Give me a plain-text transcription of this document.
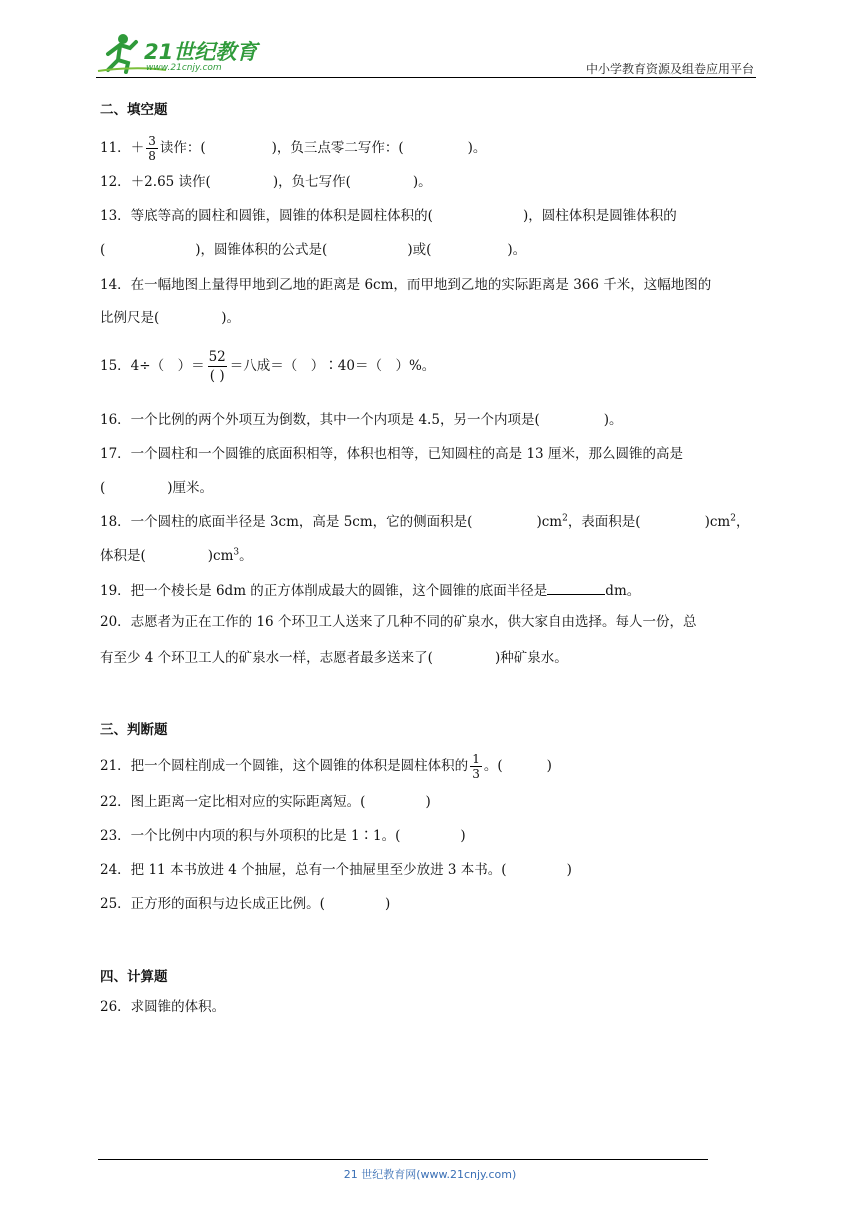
21世纪教育
www.21cnjy.com	中小学教育资源及组卷应用平台
二、填空题
11．＋ $\frac{3}{8}$ 读作：(	)，负三点零二写作：(	)。
12．＋2.65 读作(	)，负七写作(	)。
13．等底等高的圆柱和圆锥，圆锥的体积是圆柱体积的(	)，圆柱体积是圆锥体积的
(	)，圆锥体积的公式是(	)或(	)。
14．在一幅地图上量得甲地到乙地的距离是 6cm，而甲地到乙地的实际距离是 366 千米，这幅地图的
比例尺是(	)。
15．4÷（　）＝ $\frac{52}{( )}$ ＝八成＝（　）∶40＝（　）%。
16．一个比例的两个外项互为倒数，其中一个内项是 4.5，另一个内项是(	)。
17．一个圆柱和一个圆锥的底面积相等，体积也相等，已知圆柱的高是 13 厘米，那么圆锥的高是
(	)厘米。
18．一个圆柱的底面半径是 3cm，高是 5cm，它的侧面积是(	)$cm^2$，表面积是(	)$cm^2$，
体积是(	)$cm^3$。
19．把一个棱长是 6dm 的正方体削成最大的圆锥，这个圆锥的底面半径是	dm。
20．志愿者为正在工作的 16 个环卫工人送来了几种不同的矿泉水，供大家自由选择。每人一份，总
有至少 4 个环卫工人的矿泉水一样，志愿者最多送来了(	)种矿泉水。
三、判断题
21．把一个圆柱削成一个圆锥，这个圆锥的体积是圆柱体积的 $\frac{1}{3}$ 。(	)
22．图上距离一定比相对应的实际距离短。(	)
23．一个比例中内项的积与外项积的比是 1∶1。(	)
24．把 11 本书放进 4 个抽屉，总有一个抽屉里至少放进 3 本书。(	)
25．正方形的面积与边长成正比例。(	)
四、计算题
26．求圆锥的体积。
21 世纪教育网(www.21cnjy.com)
